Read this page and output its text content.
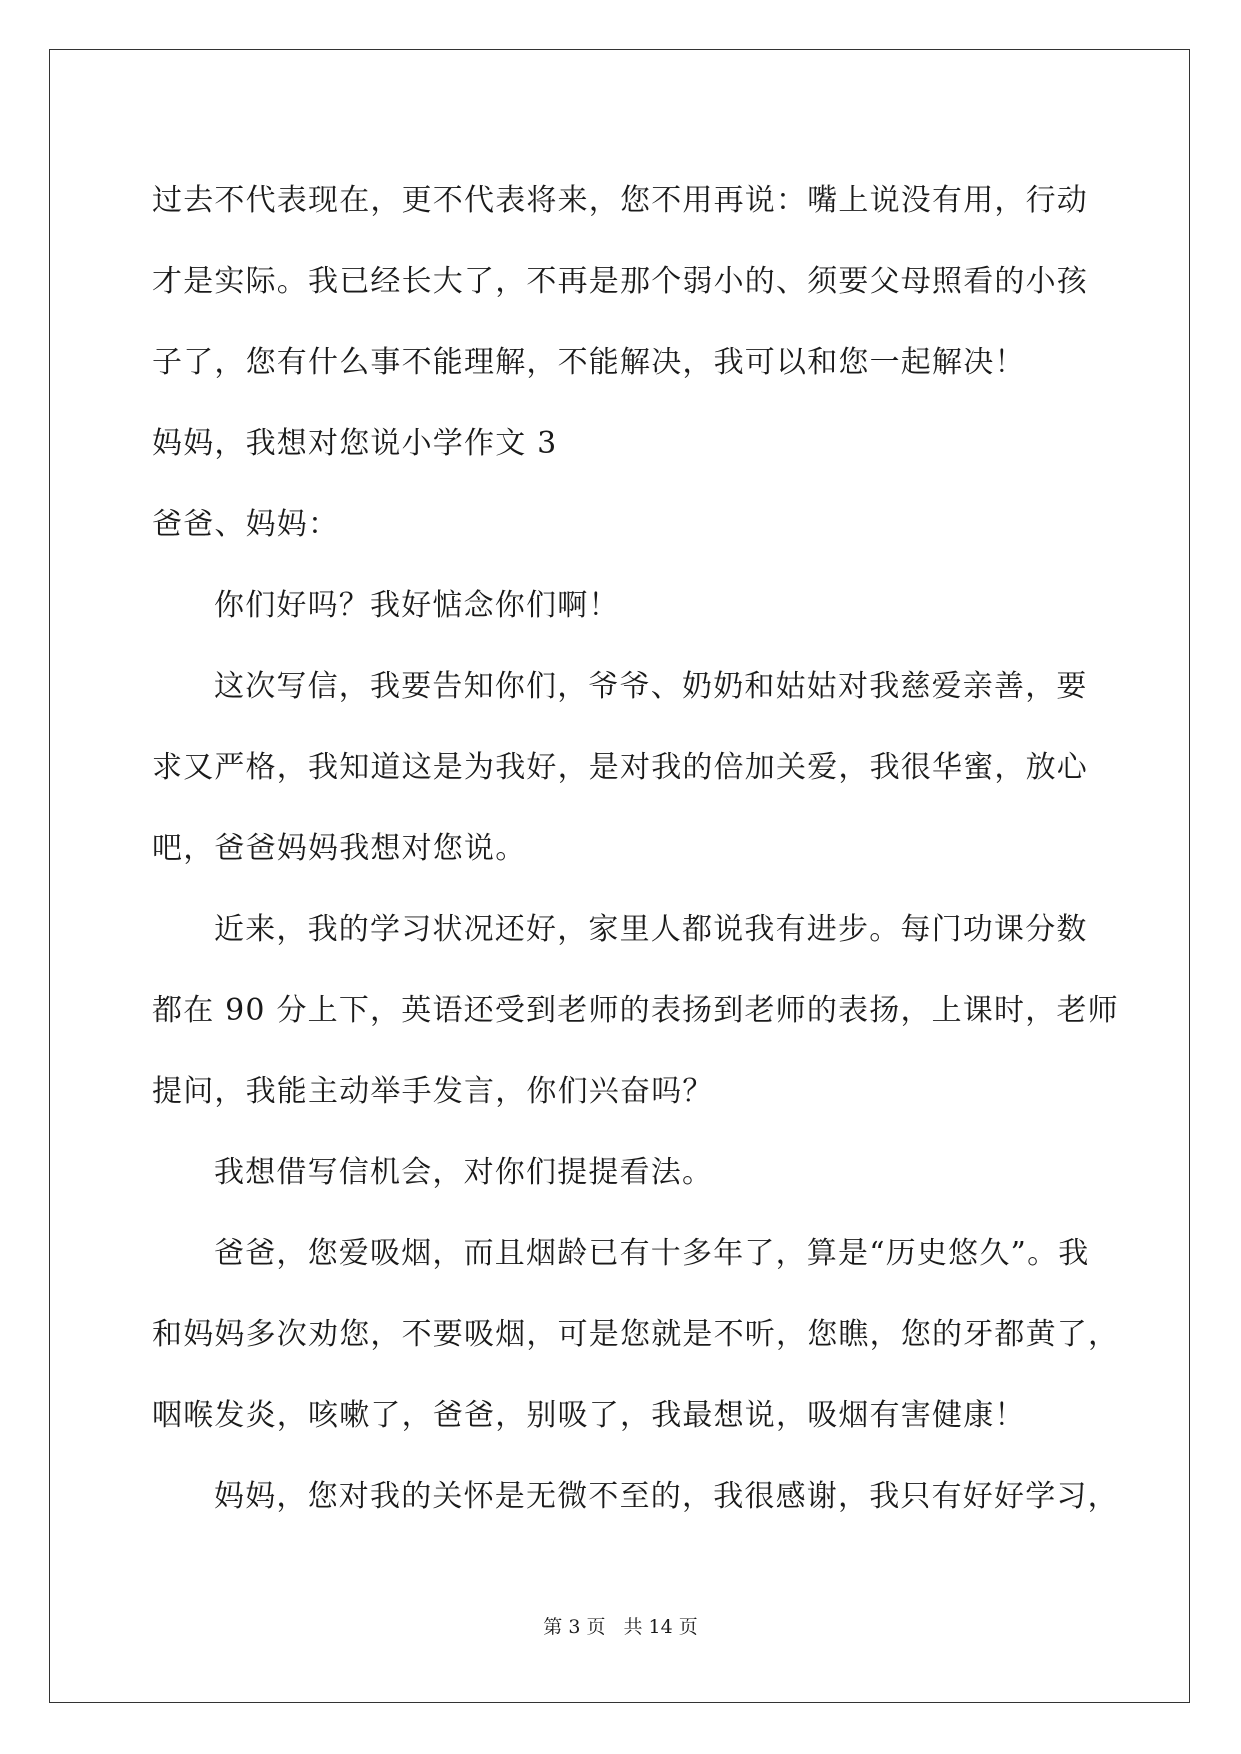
过去不代表现在，更不代表将来，您不用再说：嘴上说没有用，行动
才是实际。我已经长大了，不再是那个弱小的、须要父母照看的小孩
子了，您有什么事不能理解，不能解决，我可以和您一起解决！
妈妈，我想对您说小学作文 3
爸爸、妈妈：
你们好吗？我好惦念你们啊！
这次写信，我要告知你们，爷爷、奶奶和姑姑对我慈爱亲善，要
求又严格，我知道这是为我好，是对我的倍加关爱，我很华蜜，放心
吧，爸爸妈妈我想对您说。
近来，我的学习状况还好，家里人都说我有进步。每门功课分数
都在 90 分上下，英语还受到老师的表扬到老师的表扬，上课时，老师
提问，我能主动举手发言，你们兴奋吗？
我想借写信机会，对你们提提看法。
爸爸，您爱吸烟，而且烟龄已有十多年了，算是“历史悠久”。我
和妈妈多次劝您，不要吸烟，可是您就是不听，您瞧，您的牙都黄了，
咽喉发炎，咳嗽了，爸爸，别吸了，我最想说，吸烟有害健康！
妈妈，您对我的关怀是无微不至的，我很感谢，我只有好好学习，
第 3 页 共 14 页
